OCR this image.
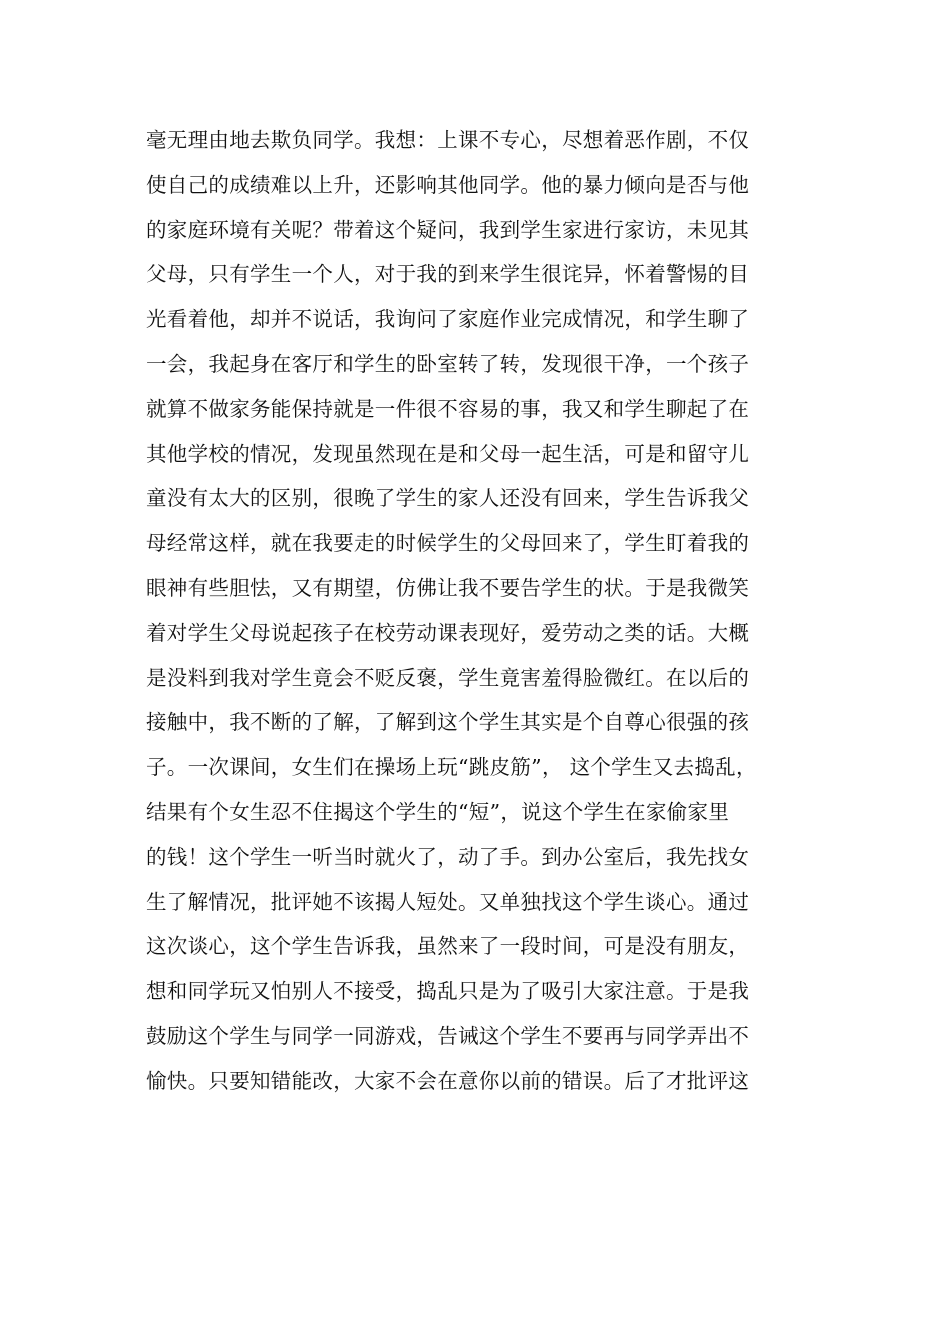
毫无理由地去欺负同学。我想：上课不专心，尽想着恶作剧，不仅
使自己的成绩难以上升，还影响其他同学。他的暴力倾向是否与他
的家庭环境有关呢？带着这个疑问，我到学生家进行家访，未见其
父母，只有学生一个人，对于我的到来学生很诧异，怀着警惕的目
光看着他，却并不说话，我询问了家庭作业完成情况，和学生聊了
一会，我起身在客厅和学生的卧室转了转，发现很干净，一个孩子
就算不做家务能保持就是一件很不容易的事，我又和学生聊起了在
其他学校的情况，发现虽然现在是和父母一起生活，可是和留守儿
童没有太大的区别，很晚了学生的家人还没有回来，学生告诉我父
母经常这样，就在我要走的时候学生的父母回来了，学生盯着我的
眼神有些胆怯，又有期望，仿佛让我不要告学生的状。于是我微笑
着对学生父母说起孩子在校劳动课表现好，爱劳动之类的话。大概
是没料到我对学生竟会不贬反褒，学生竟害羞得脸微红。在以后的
接触中，我不断的了解，了解到这个学生其实是个自尊心很强的孩
子。一次课间，女生们在操场上玩“跳皮筋”， 这个学生又去捣乱，
结果有个女生忍不住揭这个学生的“短”，说这个学生在家偷家里
的钱！这个学生一听当时就火了，动了手。到办公室后，我先找女
生了解情况，批评她不该揭人短处。又单独找这个学生谈心。通过
这次谈心，这个学生告诉我，虽然来了一段时间，可是没有朋友，
想和同学玩又怕别人不接受，捣乱只是为了吸引大家注意。于是我
鼓励这个学生与同学一同游戏，告诫这个学生不要再与同学弄出不
愉快。只要知错能改，大家不会在意你以前的错误。后了才批评这
